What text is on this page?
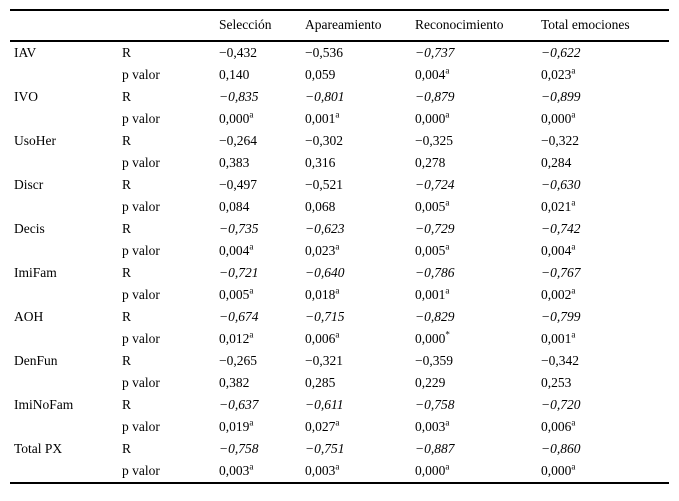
		Selección	Apareamiento	Reconocimiento	Total emociones
IAV	R	−0,432	−0,536	−0,737	−0,622
	p valor	0,140	0,059	0,004$^a$	0,023$^a$
IVO	R	−0,835	−0,801	−0,879	−0,899
	p valor	0,000$^a$	0,001$^a$	0,000$^a$	0,000$^a$
UsoHer	R	−0,264	−0,302	−0,325	−0,322
	p valor	0,383	0,316	0,278	0,284
Discr	R	−0,497	−0,521	−0,724	−0,630
	p valor	0,084	0,068	0,005$^a$	0,021$^a$
Decis	R	−0,735	−0,623	−0,729	−0,742
	p valor	0,004$^a$	0,023$^a$	0,005$^a$	0,004$^a$
ImiFam	R	−0,721	−0,640	−0,786	−0,767
	p valor	0,005$^a$	0,018$^a$	0,001$^a$	0,002$^a$
AOH	R	−0,674	−0,715	−0,829	−0,799
	p valor	0,012$^a$	0,006$^a$	0,000*	0,001$^a$
DenFun	R	−0,265	−0,321	−0,359	−0,342
	p valor	0,382	0,285	0,229	0,253
ImiNoFam	R	−0,637	−0,611	−0,758	−0,720
	p valor	0,019$^a$	0,027$^a$	0,003$^a$	0,006$^a$
Total PX	R	−0,758	−0,751	−0,887	−0,860
	p valor	0,003$^a$	0,003$^a$	0,000$^a$	0,000$^a$
